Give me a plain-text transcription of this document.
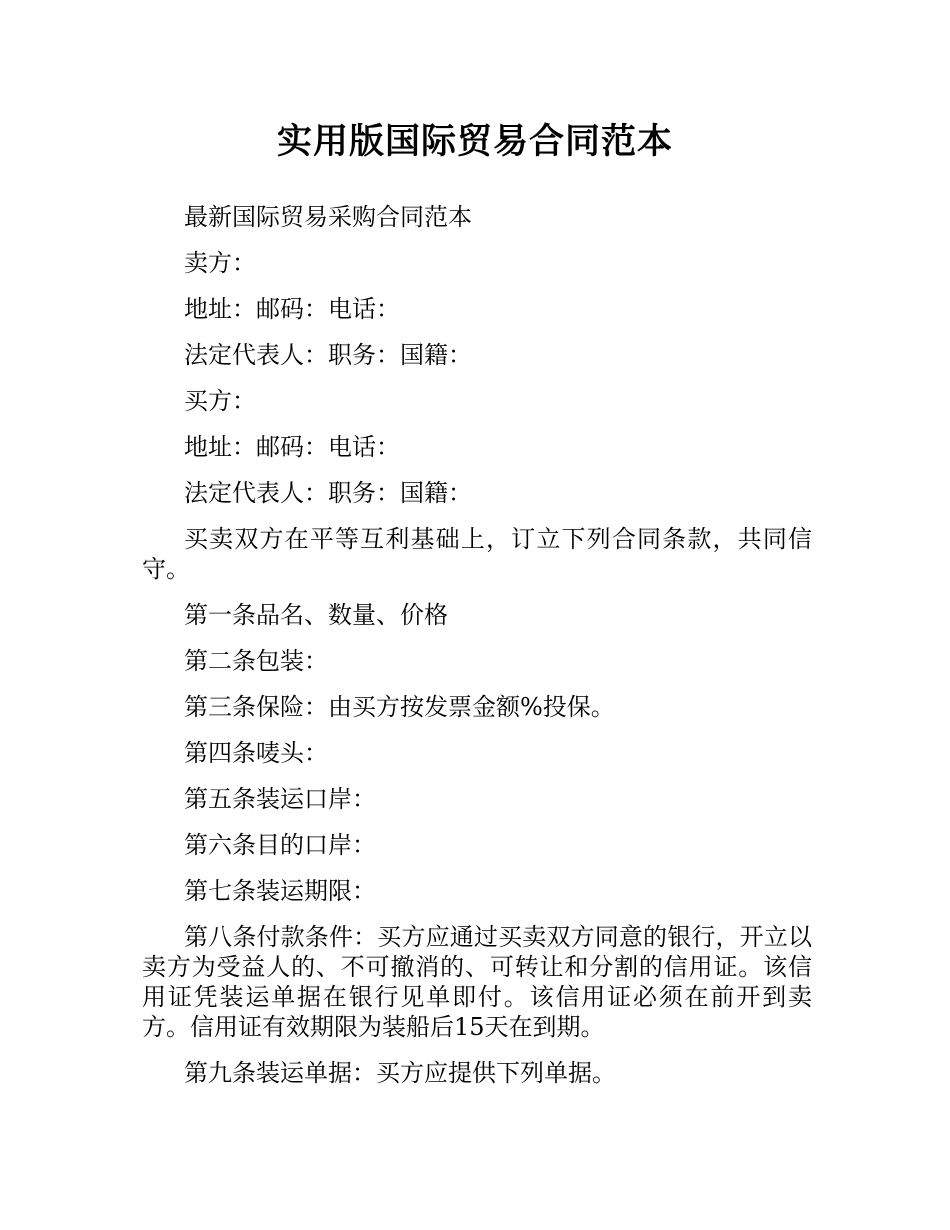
实用版国际贸易合同范本

最新国际贸易采购合同范本

卖方：

地址：邮码：电话：

法定代表人：职务：国籍：

买方：

地址：邮码：电话：

法定代表人：职务：国籍：

买卖双方在平等互利基础上，订立下列合同条款，共同信守。

第一条品名、数量、价格

第二条包装：

第三条保险：由买方按发票金额%投保。

第四条唛头：

第五条装运口岸：

第六条目的口岸：

第七条装运期限：

第八条付款条件：买方应通过买卖双方同意的银行，开立以卖方为受益人的、不可撤消的、可转让和分割的信用证。该信用证凭装运单据在银行见单即付。该信用证必须在前开到卖方。信用证有效期限为装船后15天在到期。

第九条装运单据：买方应提供下列单据。
